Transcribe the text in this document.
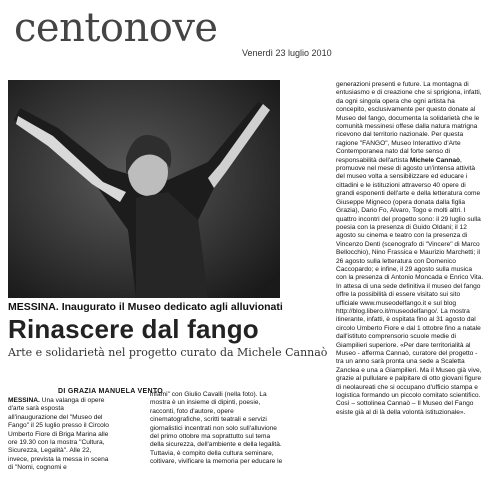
centonove
Venerdì 23 luglio 2010
MESSINA. Inaugurato il Museo dedicato agli alluvionati
Rinascere dal fango
Arte e solidarietà nel progetto curato da Michele Cannaò
DI GRAZIA MANUELA VENTO
MESSINA. Una valanga di opere d'arte sarà esposta all'inaugurazione del "Museo del Fango" il 25 luglio presso il Circolo Umberto Fiore di Briga Marina alle ore 19.30 con la mostra "Cultura, Sicurezza, Legalità". Alle 22, invece, prevista la messa in scena di "Nomi, cognomi e
infami" con Giulio Cavalli (nella foto). La mostra è un insieme di dipinti, poesie, racconti, foto d'autore, opere cinematografiche, scritti teatrali e servizi giornalistici incentrati non solo sull'alluvione del primo ottobre ma soprattutto sul tema della sicurezza, dell'ambiente e della legalità. Tuttavia, è compito della cultura seminare, coltivare, vivificare la memoria per educare le
generazioni presenti e future. La montagna di entusiasmo e di creazione che si sprigiona, infatti, da ogni singola opera che ogni artista ha concepito, esclusivamente per questo donate al Museo del fango, documenta la solidarietà che le comunità messinesi offese dalla natura matrigna ricevono dal territorio nazionale. Per questa ragione "FANGO", Museo Interattivo d'Arte Contemporanea nato dal forte senso di responsabilità dell'artista Michele Cannaò, promuove nel mese di agosto un'intensa attività del museo volta a sensibilizzare ed educare i cittadini e le istituzioni attraverso 40 opere di grandi esponenti dell'arte e della letteratura come Giuseppe Migneco (opera donata dalla figlia Grazia), Dario Fo, Alvaro, Togo e molti altri. I quattro incontri del progetto sono: il 29 luglio sulla poesia con la presenza di Guido Oldani; il 12 agosto su cinema e teatro con la presenza di Vincenzo Denti (scenografo di "Vincere" di Marco Bellocchio), Nino Frassica e Maurizio Marchetti; il 26 agosto sulla letteratura con Domenico Caccopardo; e infine, il 29 agosto sulla musica con la presenza di Antonio Moncada e Enrico Vita. In attesa di una sede definitiva il museo del fango offre la possibilità di essere visitato sui sito ufficiale www.museodelfango.it e sul blog http://blog.libero.it/museodelfango/. La mostra itinerante, infatti, è ospitata fino al 31 agosto dal circolo Umberto Fiore e dal 1 ottobre fino a natale dall'istituto comprensorio scuole medie di Giampilieri superiore. «Per dare territorialità al Museo - afferma Cannaò, curatore del progetto - tra un anno sarà pronta una sede a Scaletta Zanclea e una a Giampilieri. Ma il Museo già vive, grazie al pullulare e palpitare di otto giovani figure di neolaureati che si occupano d'ufficio stampa e logistica formando un piccolo comitato scientifico. Così – sottolinea Cannaò – Il Museo del Fango esiste già al di là della volontà istituzionale».
